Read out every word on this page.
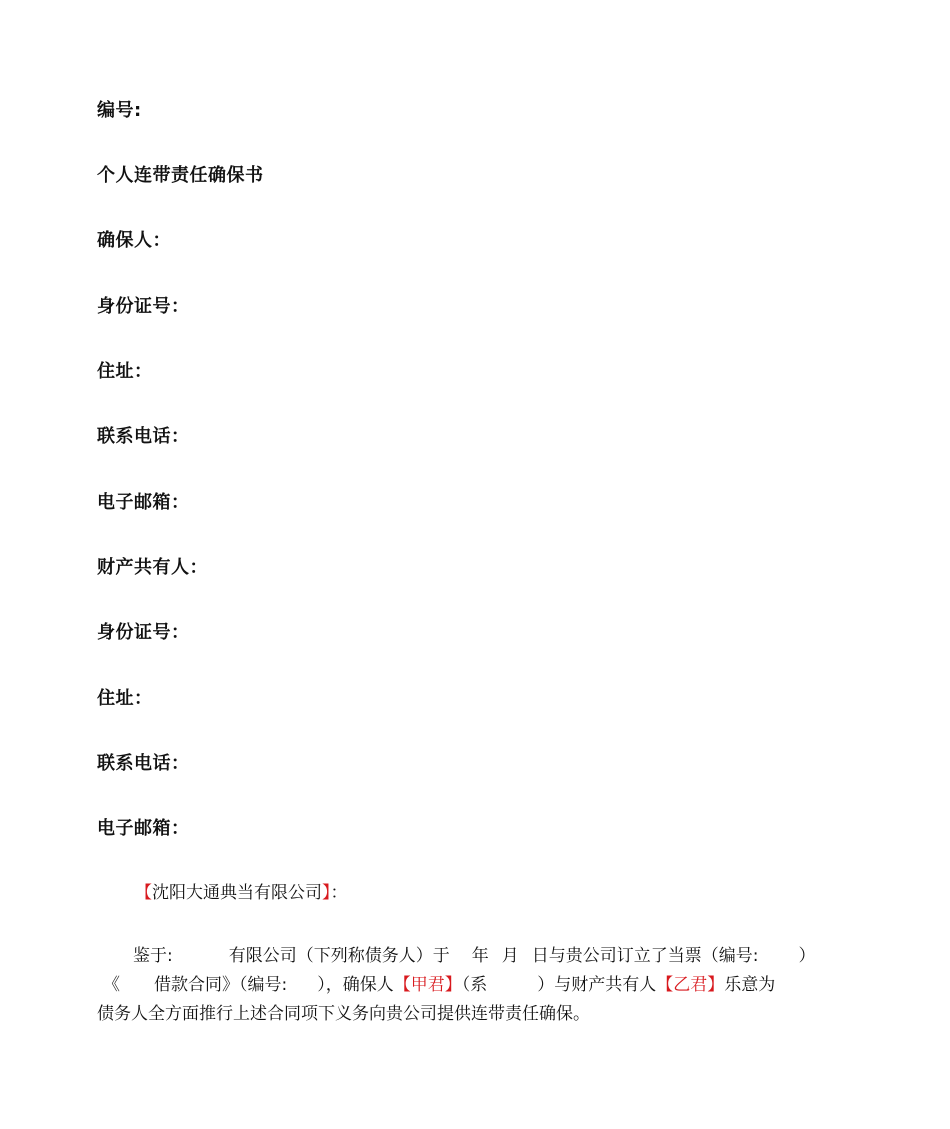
编号:
个人连带责任确保书
确保人：
身份证号：
住址：
联系电话：
电子邮箱：
财产共有人：
身份证号：
住址：
联系电话：
电子邮箱：
【沈阳大通典当有限公司】：
鉴于:	有限公司（下列称债务人）于 年 月 日与贵公司订立了当票（编号: ）
《 借款合同》（编号: ），确保人【甲君】（系	）与财产共有人【乙君】乐意为
债务人全方面推行上述合同项下义务向贵公司提供连带责任确保。
